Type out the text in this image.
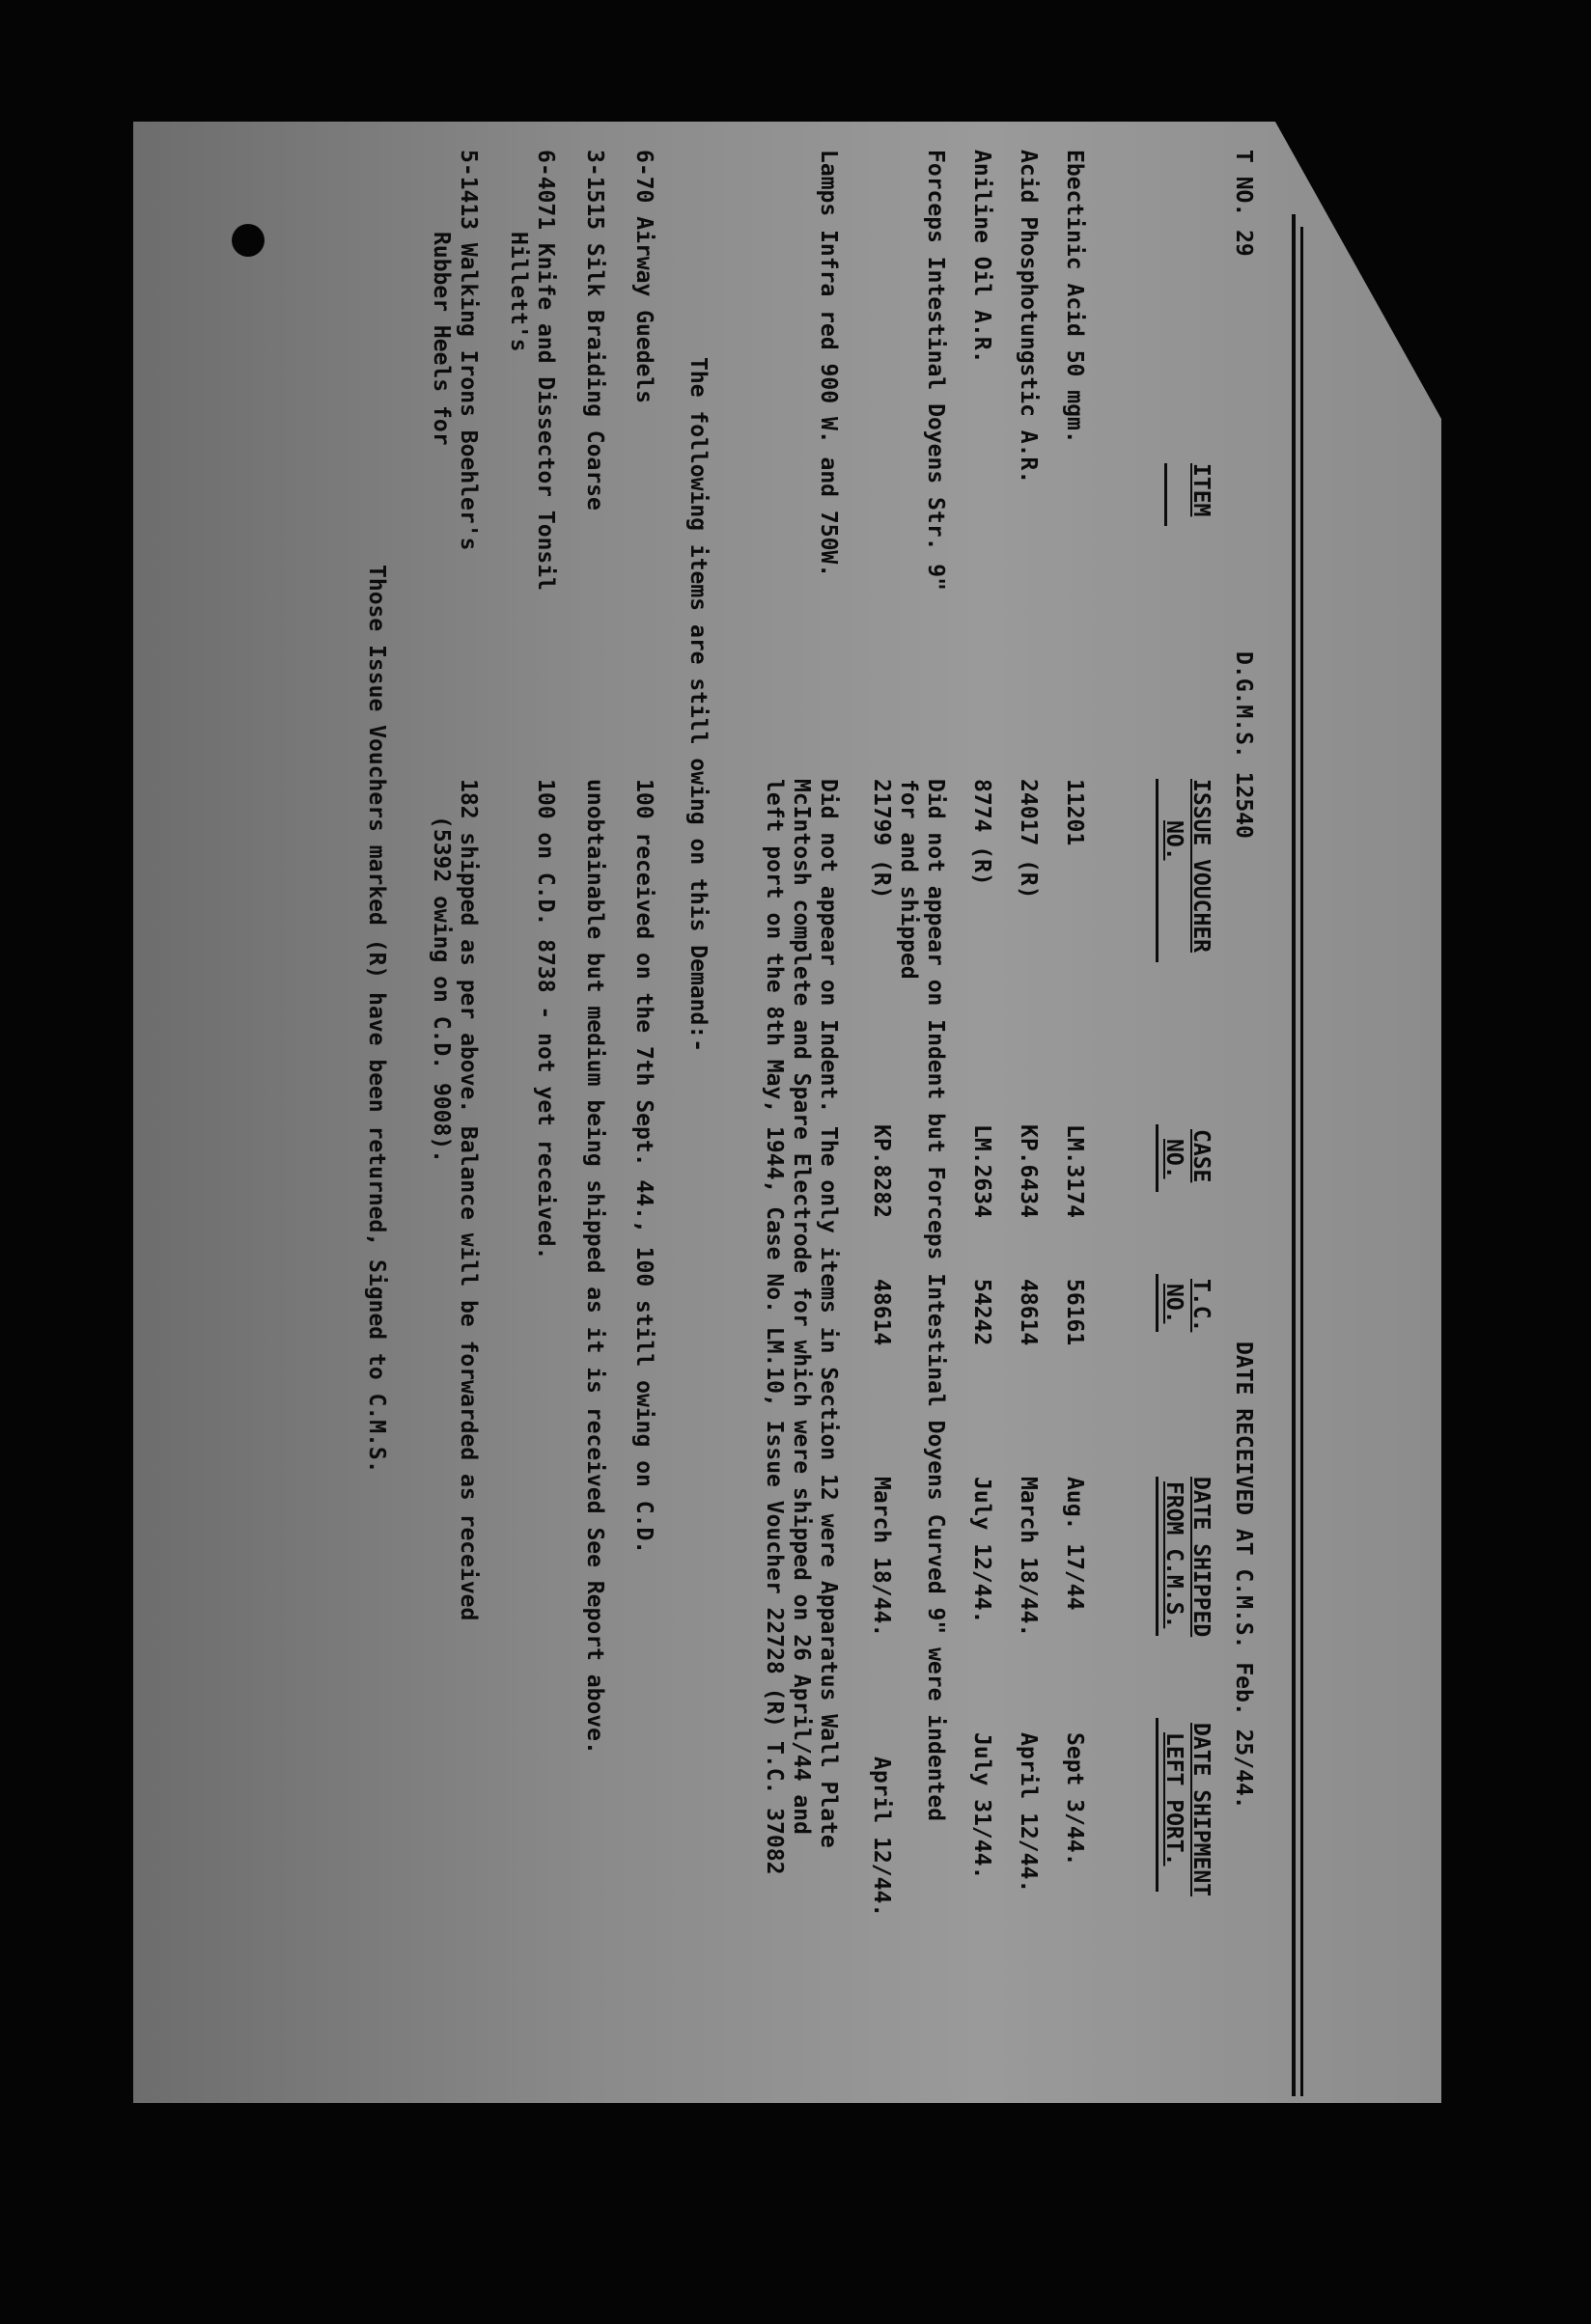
T NO. 29
D.G.M.S. 12540
DATE RECEIVED AT C.M.S. Feb. 25/44.
ITEM
ISSUE VOUCHER
NO.
CASE
NO.
T.C.
NO.
DATE SHIPPED
FROM C.M.S.
DATE SHIPMENT
LEFT PORT.
Ebectinic Acid 50 mgm.
11201
LM.3174
56161
Aug. 17/44
Sept 3/44.
Acid Phosphotungstic A.R.
24017 (R)
KP.6434
48614
March 18/44.
April 12/44.
Aniline Oil A.R.
8774 (R)
LM.2634
54242
July 12/44.
July 31/44.
Forceps Intestinal Doyens Str. 9"
Did not appear on Indent but Forceps Intestinal Doyens Curved 9" were indented
for and shipped
21799 (R)
KP.8282
48614
March 18/44.
April 12/44.
Lamps Infra red 900 W. and 750W.
Did not appear on Indent. The only items in Section 12 were Apparatus Wall Plate
McIntosh complete and Spare Electrode for which were shipped on 26 April/44 and
left port on the 8th May, 1944, Case No. LM.10, Issue Voucher 22728 (R) T.C. 37082
The following items are still owing on this Demand:-
6-70 Airway Guedels
100 received on the 7th Sept. 44., 100 still owing on C.D.
3-1515 Silk Braiding Coarse
unobtainable but medium being shipped as it is received See Report above.
6-4071 Knife and Dissector Tonsil
Hillett's
100 on C.D. 8738 - not yet received.
5-1413 Walking Irons Boehler's
Rubber Heels for
182 shipped as per above. Balance will be forwarded as received
(5392 owing on C.D. 9008).
Those Issue Vouchers marked (R) have been returned, Signed to C.M.S.
